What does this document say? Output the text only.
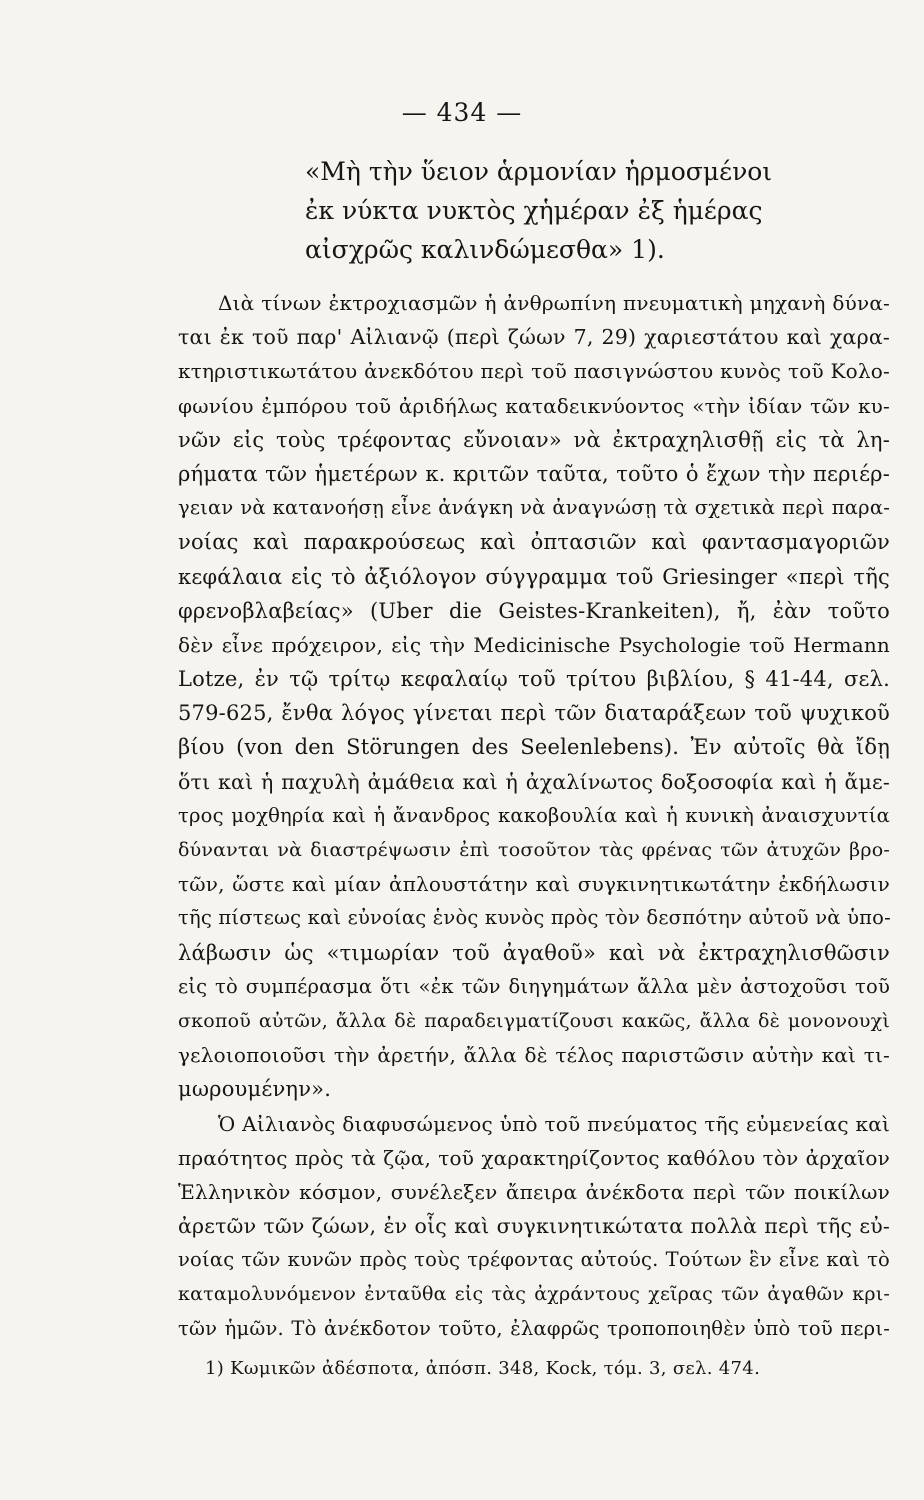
— 434 —
«Μὴ τὴν ὕειον ἁρμονίαν ἡρμοσμένοι
ἐκ νύκτα νυκτὸς χἡμέραν ἐξ ἡμέρας
αἰσχρῶς καλινδώμεσθα» 1).
Διὰ τίνων ἐκτροχιασμῶν ἡ ἀνθρωπίνη πνευματικὴ μηχανὴ δύνα-
ται ἐκ τοῦ παρ' Αἰλιανῷ (περὶ ζώων 7, 29) χαριεστάτου καὶ χαρα-
κτηριστικωτάτου ἀνεκδότου περὶ τοῦ πασιγνώστου κυνὸς τοῦ Κολο-
φωνίου ἐμπόρου τοῦ ἀριδήλως καταδεικνύοντος «τὴν ἰδίαν τῶν κυ-
νῶν εἰς τοὺς τρέφοντας εὔνοιαν» νὰ ἐκτραχηλισθῇ εἰς τὰ λη-
ρήματα τῶν ἡμετέρων κ. κριτῶν ταῦτα, τοῦτο ὁ ἔχων τὴν περιέρ-
γειαν νὰ κατανοήσῃ εἶνε ἀνάγκη νὰ ἀναγνώσῃ τὰ σχετικὰ περὶ παρα-
νοίας καὶ παρακρούσεως καὶ ὀπτασιῶν καὶ φαντασμαγοριῶν
κεφάλαια εἰς τὸ ἀξιόλογον σύγγραμμα τοῦ Griesinger «περὶ τῆς
φρενοβλαβείας» (Uber die Geistes-Krankeiten), ἤ, ἐὰν τοῦτο
δὲν εἶνε πρόχειρον, εἰς τὴν Medicinische Psychologie τοῦ Hermann
Lotze, ἐν τῷ τρίτῳ κεφαλαίῳ τοῦ τρίτου βιβλίου, § 41-44, σελ.
579-625, ἔνθα λόγος γίνεται περὶ τῶν διαταράξεων τοῦ ψυχικοῦ
βίου (von den Störungen des Seelenlebens). Ἐν αὐτοῖς θὰ ἴδῃ
ὅτι καὶ ἡ παχυλὴ ἀμάθεια καὶ ἡ ἀχαλίνωτος δοξοσοφία καὶ ἡ ἄμε-
τρος μοχθηρία καὶ ἡ ἄνανδρος κακοβουλία καὶ ἡ κυνικὴ ἀναισχυντία
δύνανται νὰ διαστρέψωσιν ἐπὶ τοσοῦτον τὰς φρένας τῶν ἀτυχῶν βρο-
τῶν, ὥστε καὶ μίαν ἀπλουστάτην καὶ συγκινητικωτάτην ἐκδήλωσιν
τῆς πίστεως καὶ εὐνοίας ἑνὸς κυνὸς πρὸς τὸν δεσπότην αὐτοῦ νὰ ὑπο-
λάβωσιν ὡς «τιμωρίαν τοῦ ἀγαθοῦ» καὶ νὰ ἐκτραχηλισθῶσιν
εἰς τὸ συμπέρασμα ὅτι «ἐκ τῶν διηγημάτων ἄλλα μὲν ἀστοχοῦσι τοῦ
σκοποῦ αὐτῶν, ἄλλα δὲ παραδειγματίζουσι κακῶς, ἄλλα δὲ μονονουχὶ
γελοιοποιοῦσι τὴν ἀρετήν, ἄλλα δὲ τέλος παριστῶσιν αὐτὴν καὶ τι-
μωρουμένην».
Ὁ Αἰλιανὸς διαφυσώμενος ὑπὸ τοῦ πνεύματος τῆς εὐμενείας καὶ
πραότητος πρὸς τὰ ζῷα, τοῦ χαρακτηρίζοντος καθόλου τὸν ἀρχαῖον
Ἑλληνικὸν κόσμον, συνέλεξεν ἄπειρα ἀνέκδοτα περὶ τῶν ποικίλων
ἀρετῶν τῶν ζώων, ἐν οἷς καὶ συγκινητικώτατα πολλὰ περὶ τῆς εὐ-
νοίας τῶν κυνῶν πρὸς τοὺς τρέφοντας αὐτούς. Τούτων ἓν εἶνε καὶ τὸ
καταμολυνόμενον ἐνταῦθα εἰς τὰς ἀχράντους χεῖρας τῶν ἀγαθῶν κρι-
τῶν ἡμῶν. Τὸ ἀνέκδοτον τοῦτο, ἐλαφρῶς τροποποιηθὲν ὑπὸ τοῦ περι-
1) Κωμικῶν ἀδέσποτα, ἀπόσπ. 348, Kock, τόμ. 3, σελ. 474.
